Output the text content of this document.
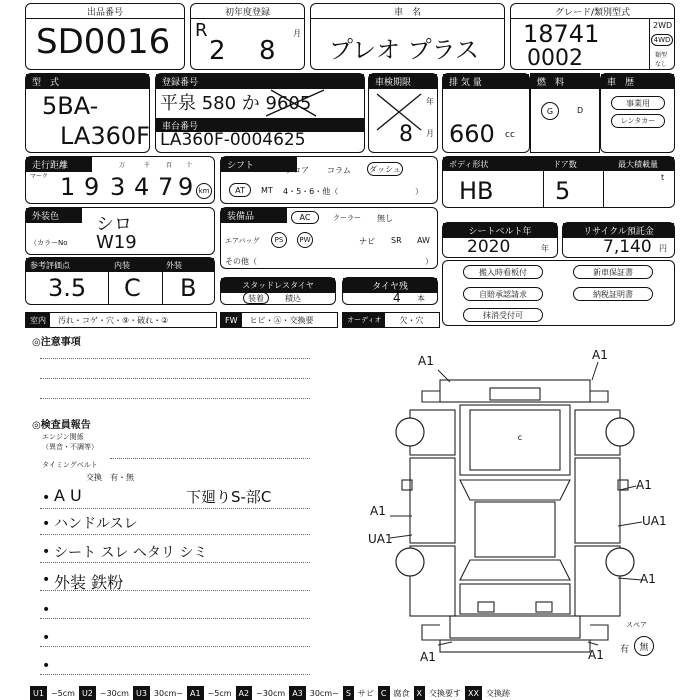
出品番号
SD0016
初年度登録
R
2 8
月
車　名
プレオ プラス
グレード/類別型式
18741
0002
2WD
4WD
類型
なし
型　式
5BA-
LA360F
登録番号
平泉 580 か 9605
車台番号
LA360F-0004625
車検期限
年
8 月
排 気 量
660 cc
燃　料
G	D
車　歴
事業用
レンタカー
走行距離
マーク
万	千	百 十
1 9 3 4 7 9 km
シフト	フロア コラム ダッシュ
AT	MT 4・5・6・他（	）
ボディ形状	ドア数	最大積載量
HB	5	t
外装色	シロ
（カラーNo W19
装備品	AC	クーラー 無し
エアバッグ	PS	PW	ナビ SR AW
その他（	）
シートベルト年
2020	年
リサイクル預託金
7,140 円
参考評価点	内装	外装
3.5 C B	スタッドレスタイヤ
装着	積込
タイヤ残
4 本
搬入時看板付	新車保証書
自賠承認請求	納税証明書
抹消受付可
室内	汚れ・コゲ・穴・⑨・破れ・②	FW	ヒビ・Ⓐ・交換要	オーディオ	欠・穴
◎注意事項
◎検査員報告
エンジン関係
（異音・不調等）
タイミングベルト
交換　有・無
• A U
• ハンドルスレ
• シート スレ ヘタリ シミ
• 外装 鉄粉
•
•
•
下廻りS-部C
c
A1	A1
A1
A1
UA1
UA1
A1
A1	A1
スペア
有	無
U1 ~5cm U2 ~30cm U3 30cm~ A1 ~5cm A2 ~30cm A3 30cm~ S サビ C 腐食 X 交換要す XX 交換跡
